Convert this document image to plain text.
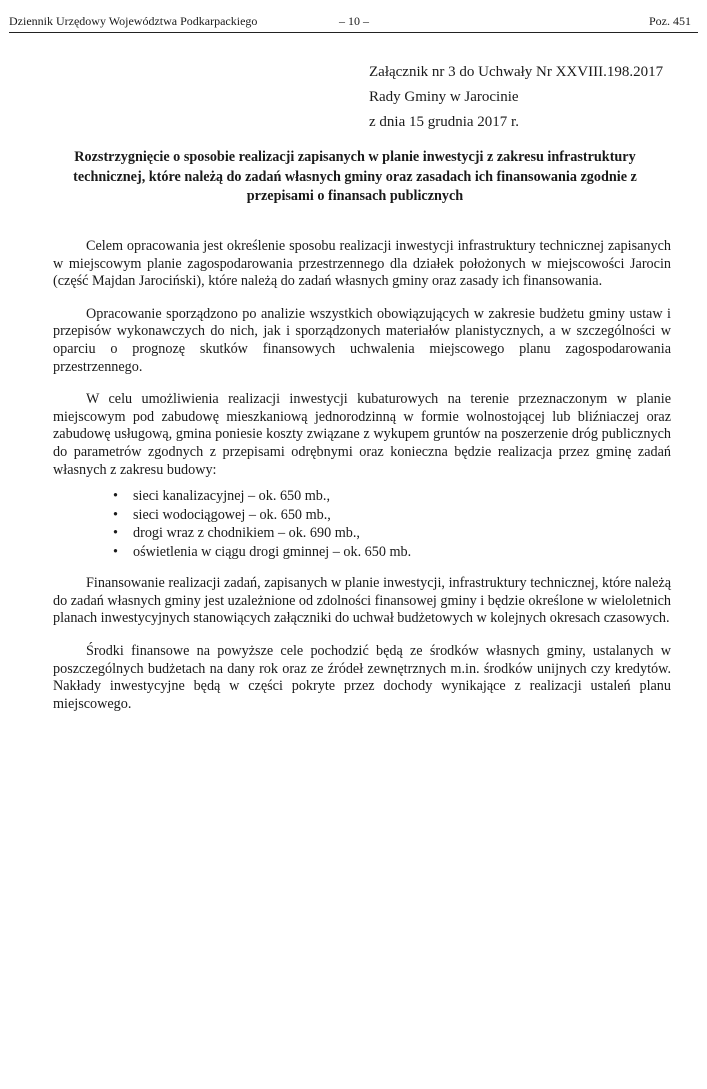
Dziennik Urzędowy Województwa Podkarpackiego	– 10 –	Poz. 451
Załącznik nr 3 do Uchwały Nr XXVIII.198.2017
Rady Gminy w Jarocinie
z dnia 15 grudnia 2017 r.
Rozstrzygnięcie o sposobie realizacji zapisanych w planie inwestycji z zakresu infrastruktury technicznej, które należą do zadań własnych gminy oraz zasadach ich finansowania zgodnie z przepisami o finansach publicznych

Celem opracowania jest określenie sposobu realizacji inwestycji infrastruktury technicznej zapisanych w miejscowym planie zagospodarowania przestrzennego dla działek położonych w miejscowości Jarocin (część Majdan Jarociński), które należą do zadań własnych gminy oraz zasady ich finansowania.

Opracowanie sporządzono po analizie wszystkich obowiązujących w zakresie budżetu gminy ustaw i przepisów wykonawczych do nich, jak i sporządzonych materiałów planistycznych, a w szczególności w oparciu o prognozę skutków finansowych uchwalenia miejscowego planu zagospodarowania przestrzennego.

W celu umożliwienia realizacji inwestycji kubaturowych na terenie przeznaczonym w planie miejscowym pod zabudowę mieszkaniową jednorodzinną w formie wolnostojącej lub bliźniaczej oraz zabudowę usługową, gmina poniesie koszty związane z wykupem gruntów na poszerzenie dróg publicznych do parametrów zgodnych z przepisami odrębnymi oraz konieczna będzie realizacja przez gminę zadań własnych z zakresu budowy:

• sieci kanalizacyjnej – ok. 650 mb.,
• sieci wodociągowej – ok. 650 mb.,
• drogi wraz z chodnikiem – ok. 690 mb.,
• oświetlenia w ciągu drogi gminnej – ok. 650 mb.

Finansowanie realizacji zadań, zapisanych w planie inwestycji, infrastruktury technicznej, które należą do zadań własnych gminy jest uzależnione od zdolności finansowej gminy i będzie określone w wieloletnich planach inwestycyjnych stanowiących załączniki do uchwał budżetowych w kolejnych okresach czasowych.

Środki finansowe na powyższe cele pochodzić będą ze środków własnych gminy, ustalanych w poszczególnych budżetach na dany rok oraz ze źródeł zewnętrznych m.in. środków unijnych czy kredytów. Nakłady inwestycyjne będą w części pokryte przez dochody wynikające z realizacji ustaleń planu miejscowego.
